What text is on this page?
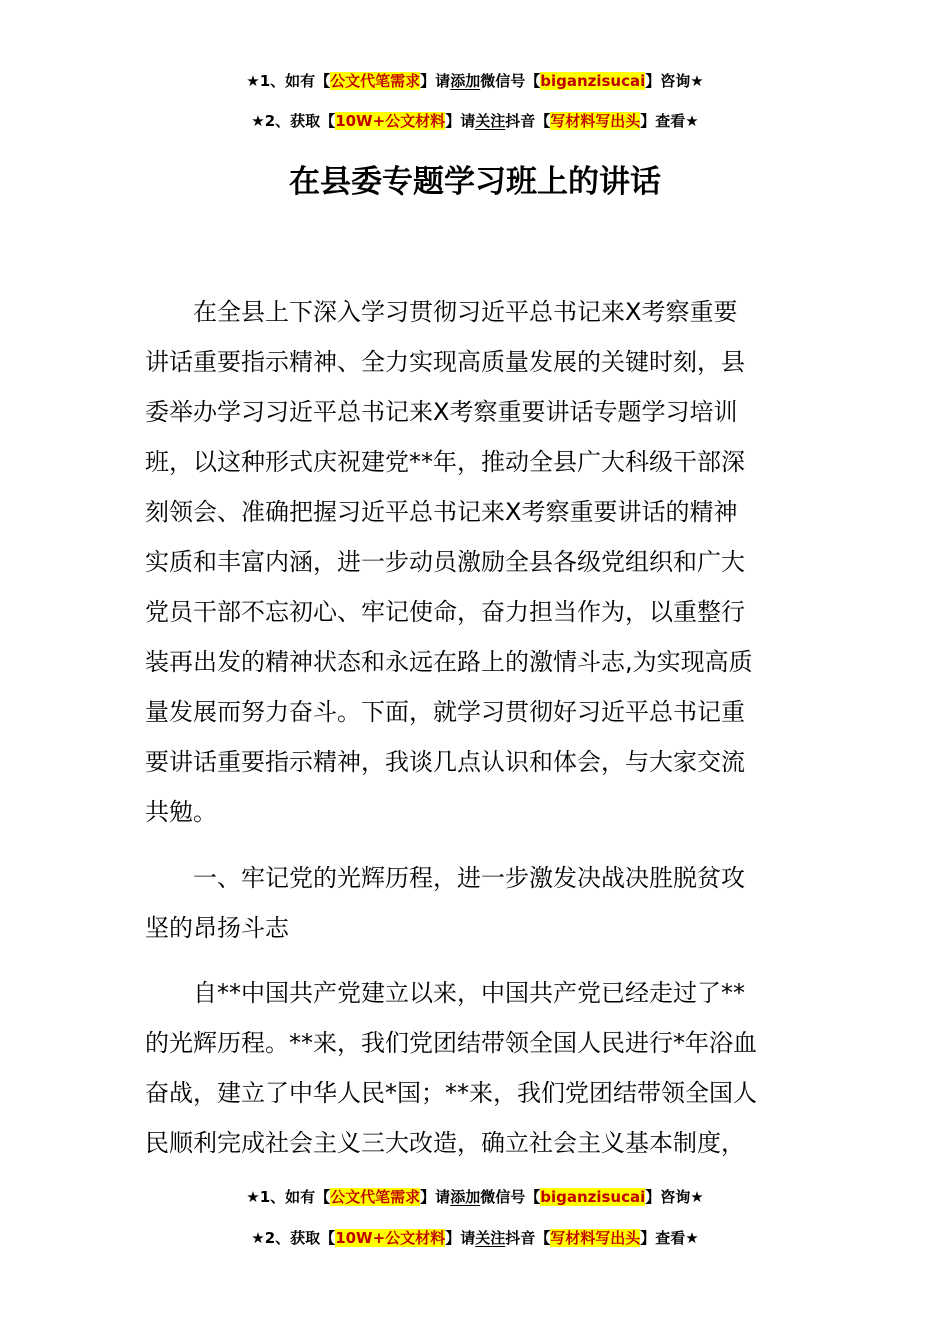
★1、如有【公文代笔需求】请添加微信号【biganzisucai】咨询★
★2、获取【10W+公文材料】请关注抖音【写材料写出头】查看★
在县委专题学习班上的讲话
在全县上下深入学习贯彻习近平总书记来X考察重要
讲话重要指示精神、全力实现高质量发展的关键时刻，县
委举办学习习近平总书记来X考察重要讲话专题学习培训
班，以这种形式庆祝建党**年，推动全县广大科级干部深
刻领会、准确把握习近平总书记来X考察重要讲话的精神
实质和丰富内涵，进一步动员激励全县各级党组织和广大
党员干部不忘初心、牢记使命，奋力担当作为，以重整行
装再出发的精神状态和永远在路上的激情斗志,为实现高质
量发展而努力奋斗。下面，就学习贯彻好习近平总书记重
要讲话重要指示精神，我谈几点认识和体会，与大家交流
共勉。
一、牢记党的光辉历程，进一步激发决战决胜脱贫攻
坚的昂扬斗志
自**中国共产党建立以来，中国共产党已经走过了**
的光辉历程。**来，我们党团结带领全国人民进行*年浴血
奋战，建立了中华人民*国；**来，我们党团结带领全国人
民顺利完成社会主义三大改造，确立社会主义基本制度，
★1、如有【公文代笔需求】请添加微信号【biganzisucai】咨询★
★2、获取【10W+公文材料】请关注抖音【写材料写出头】查看★
